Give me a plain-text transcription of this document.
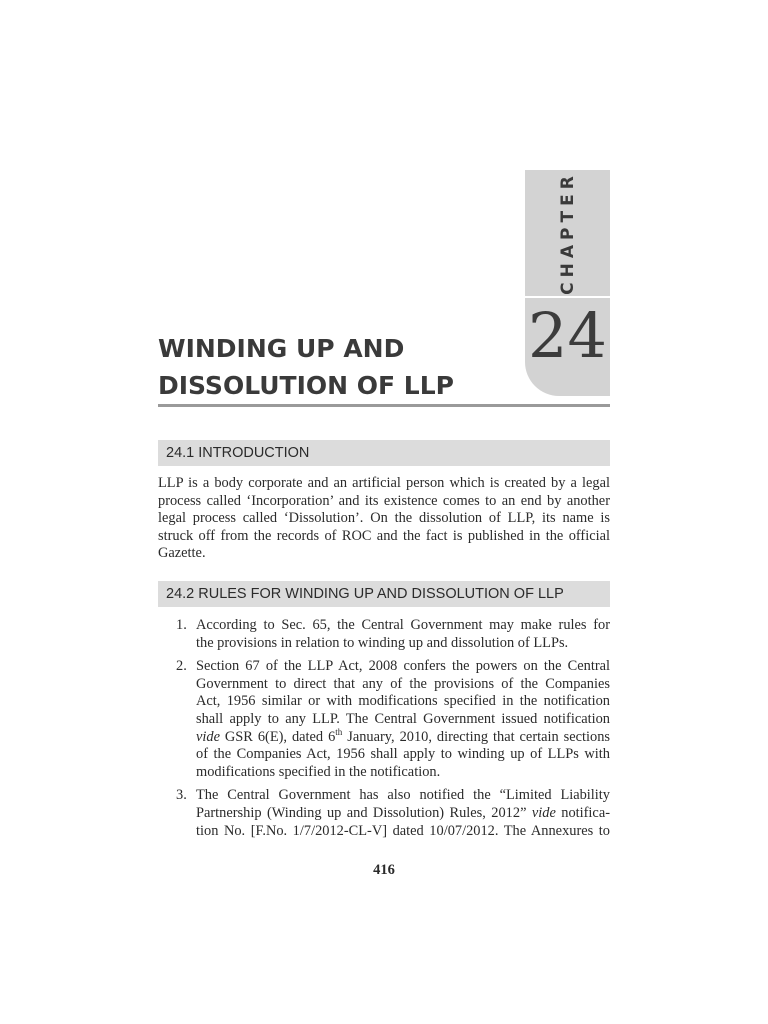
CHAPTER
24
WINDING UP AND
DISSOLUTION OF LLP
24.1 INTRODUCTION

LLP is a body corporate and an artificial person which is created by a legal
process called ‘Incorporation’ and its existence comes to an end by another
legal process called ‘Dissolution’. On the dissolution of LLP, its name is
struck off from the records of ROC and the fact is published in the official
Gazette.

24.2 RULES FOR WINDING UP AND DISSOLUTION OF LLP
1. According to Sec. 65, the Central Government may make rules for
the provisions in relation to winding up and dissolution of LLPs.
2. Section 67 of the LLP Act, 2008 confers the powers on the Central
Government to direct that any of the provisions of the Companies
Act, 1956 similar or with modifications specified in the notification
shall apply to any LLP. The Central Government issued notification
vide GSR 6(E), dated 6th January, 2010, directing that certain sections
of the Companies Act, 1956 shall apply to winding up of LLPs with
modifications specified in the notification.
3. The Central Government has also notified the “Limited Liability
Partnership (Winding up and Dissolution) Rules, 2012” vide notifica-
tion No. [F.No. 1/7/2012-CL-V] dated 10/07/2012. The Annexures to
416
